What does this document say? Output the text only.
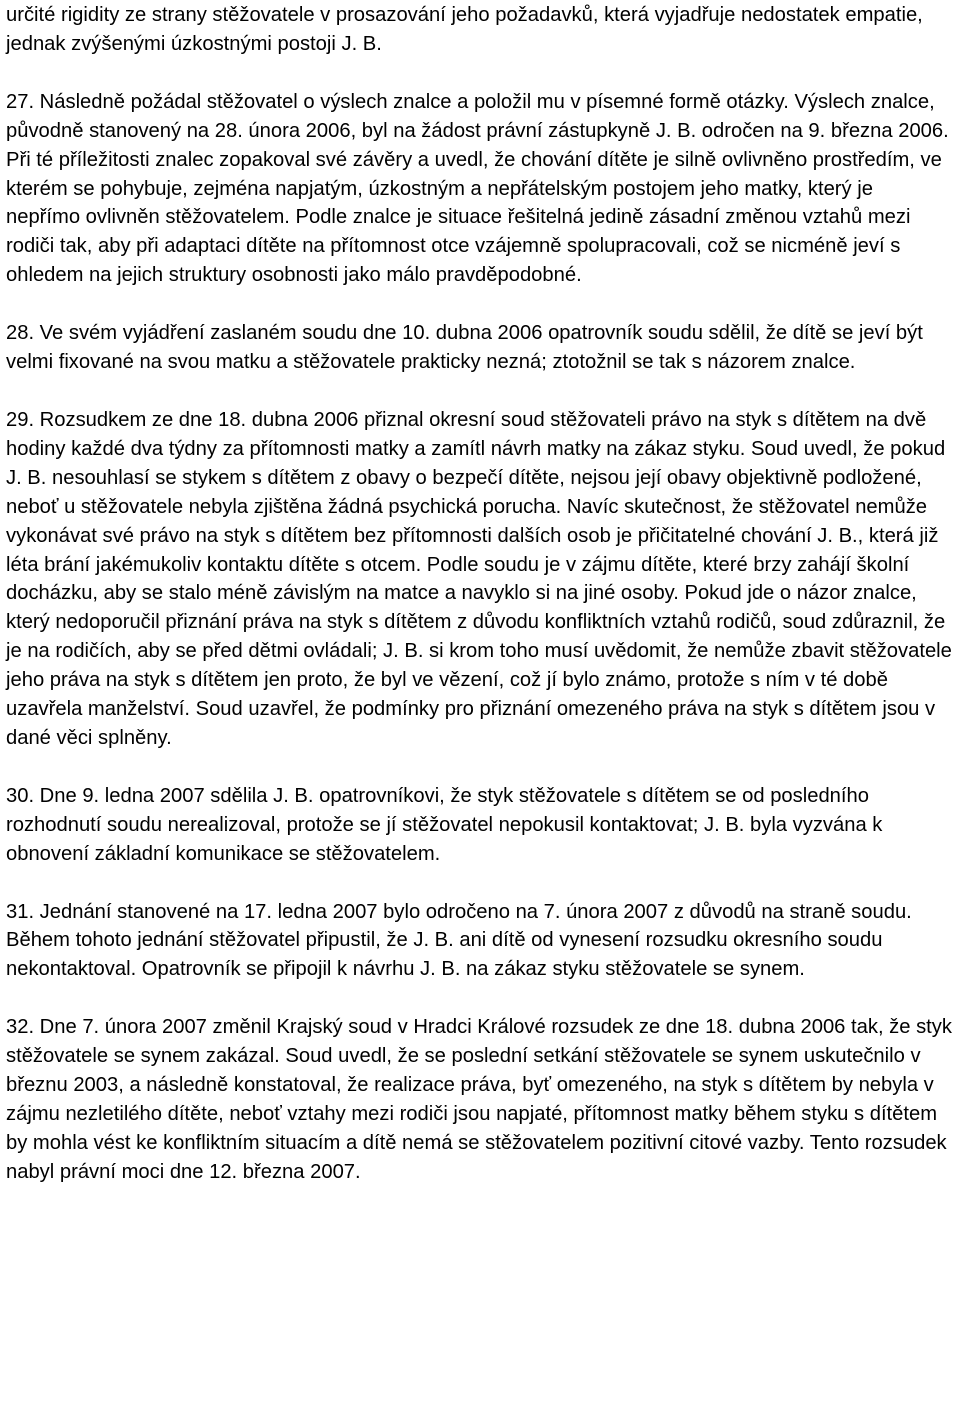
určité rigidity ze strany stěžovatele v prosazování jeho požadavků, která vyjadřuje nedostatek empatie, jednak zvýšenými úzkostnými postoji J. B.

27. Následně požádal stěžovatel o výslech znalce a položil mu v písemné formě otázky. Výslech znalce, původně stanovený na 28. února 2006, byl na žádost právní zástupkyně J. B. odročen na 9. března 2006. Při té příležitosti znalec zopakoval své závěry a uvedl, že chování dítěte je silně ovlivněno prostředím, ve kterém se pohybuje, zejména napjatým, úzkostným a nepřátelským postojem jeho matky, který je nepřímo ovlivněn stěžovatelem. Podle znalce je situace řešitelná jedině zásadní změnou vztahů mezi rodiči tak, aby při adaptaci dítěte na přítomnost otce vzájemně spolupracovali, což se nicméně jeví s ohledem na jejich struktury osobnosti jako málo pravděpodobné.

28. Ve svém vyjádření zaslaném soudu dne 10. dubna 2006 opatrovník soudu sdělil, že dítě se jeví být velmi fixované na svou matku a stěžovatele prakticky nezná; ztotožnil se tak s názorem znalce.

29. Rozsudkem ze dne 18. dubna 2006 přiznal okresní soud stěžovateli právo na styk s dítětem na dvě hodiny každé dva týdny za přítomnosti matky a zamítl návrh matky na zákaz styku. Soud uvedl, že pokud J. B. nesouhlasí se stykem s dítětem z obavy o bezpečí dítěte, nejsou její obavy objektivně podložené, neboť u stěžovatele nebyla zjištěna žádná psychická porucha. Navíc skutečnost, že stěžovatel nemůže vykonávat své právo na styk s dítětem bez přítomnosti dalších osob je přičitatelné chování J. B., která již léta brání jakémukoliv kontaktu dítěte s otcem. Podle soudu je v zájmu dítěte, které brzy zahájí školní docházku, aby se stalo méně závislým na matce a navyklo si na jiné osoby. Pokud jde o názor znalce, který nedoporučil přiznání práva na styk s dítětem z důvodu konfliktních vztahů rodičů, soud zdůraznil, že je na rodičích, aby se před dětmi ovládali; J. B. si krom toho musí uvědomit, že nemůže zbavit stěžovatele jeho práva na styk s dítětem jen proto, že byl ve vězení, což jí bylo známo, protože s ním v té době uzavřela manželství. Soud uzavřel, že podmínky pro přiznání omezeného práva na styk s dítětem jsou v dané věci splněny.

30. Dne 9. ledna 2007 sdělila J. B. opatrovníkovi, že styk stěžovatele s dítětem se od posledního rozhodnutí soudu nerealizoval, protože se jí stěžovatel nepokusil kontaktovat; J. B. byla vyzvána k obnovení základní komunikace se stěžovatelem.

31. Jednání stanovené na 17. ledna 2007 bylo odročeno na 7. února 2007 z důvodů na straně soudu. Během tohoto jednání stěžovatel připustil, že J. B. ani dítě od vynesení rozsudku okresního soudu nekontaktoval. Opatrovník se připojil k návrhu J. B. na zákaz styku stěžovatele se synem.

32. Dne 7. února 2007 změnil Krajský soud v Hradci Králové rozsudek ze dne 18. dubna 2006 tak, že styk stěžovatele se synem zakázal. Soud uvedl, že se poslední setkání stěžovatele se synem uskutečnilo v březnu 2003, a následně konstatoval, že realizace práva, byť omezeného, na styk s dítětem by nebyla v zájmu nezletilého dítěte, neboť vztahy mezi rodiči jsou napjaté, přítomnost matky během styku s dítětem by mohla vést ke konfliktním situacím a dítě nemá se stěžovatelem pozitivní citové vazby. Tento rozsudek nabyl právní moci dne 12. března 2007.
